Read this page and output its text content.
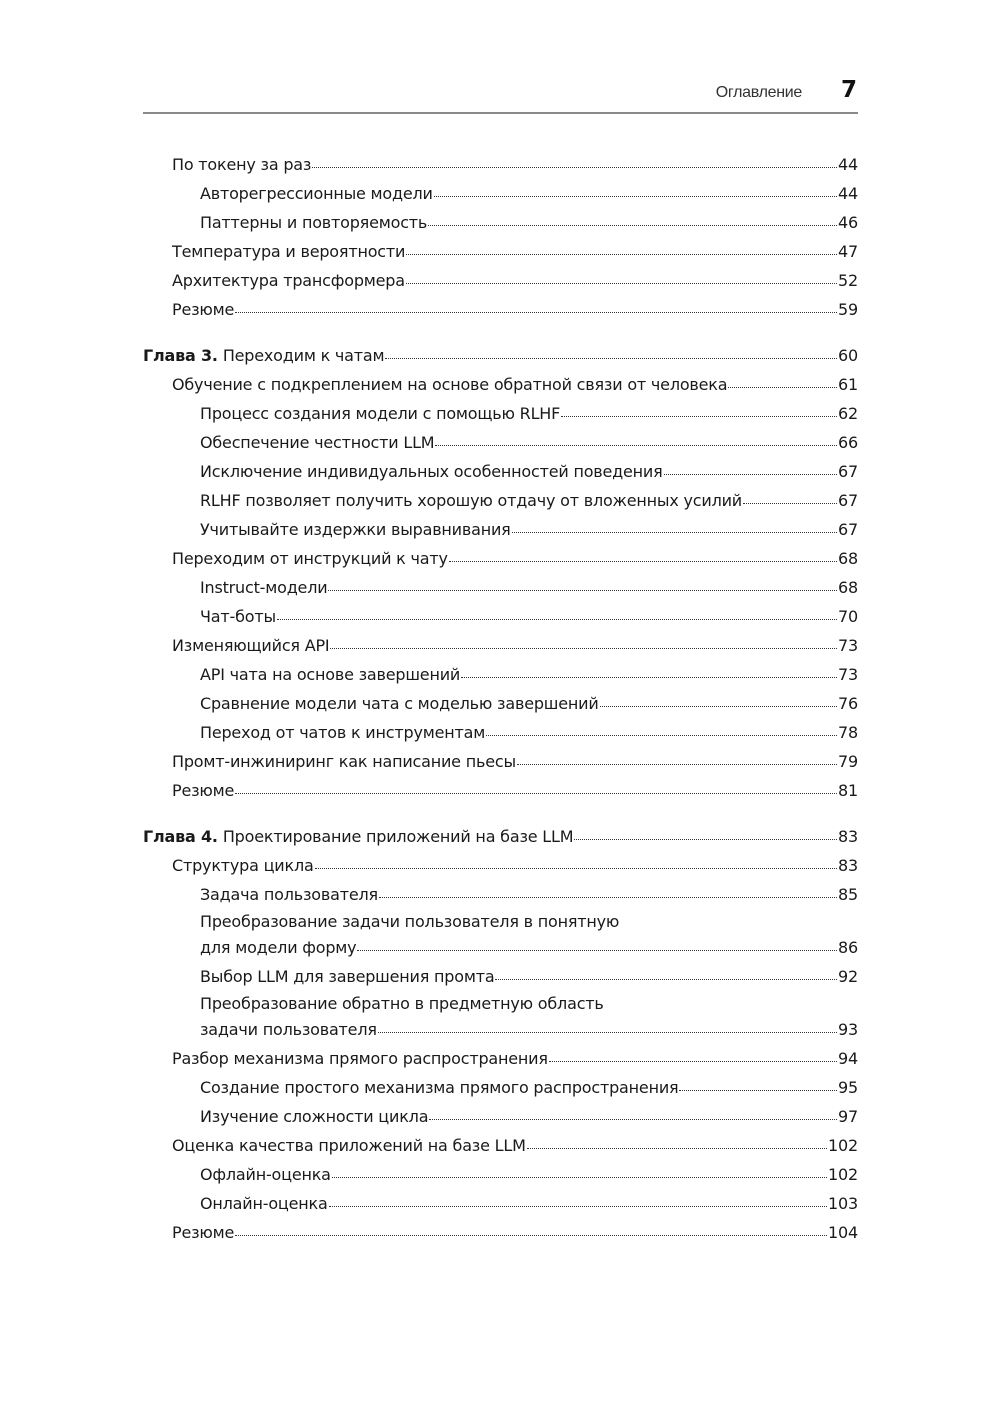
Оглавление 7
По токену за раз	44
Авторегрессионные модели	44
Паттерны и повторяемость	46
Температура и вероятности	47
Архитектура трансформера	52
Резюме	59
Глава 3. Переходим к чатам	60
Обучение с подкреплением на основе обратной связи от человека	61
Процесс создания модели с помощью RLHF	62
Обеспечение честности LLM	66
Исключение индивидуальных особенностей поведения	67
RLHF позволяет получить хорошую отдачу от вложенных усилий	67
Учитывайте издержки выравнивания	67
Переходим от инструкций к чату	68
Instruct-модели	68
Чат-боты	70
Изменяющийся API	73
API чата на основе завершений	73
Сравнение модели чата с моделью завершений	76
Переход от чатов к инструментам	78
Промт-инжиниринг как написание пьесы	79
Резюме	81
Глава 4. Проектирование приложений на базе LLM	83
Структура цикла	83
Задача пользователя	85
Преобразование задачи пользователя в понятную
для модели форму	86
Выбор LLM для завершения промта	92
Преобразование обратно в предметную область
задачи пользователя	93
Разбор механизма прямого распространения	94
Создание простого механизма прямого распространения	95
Изучение сложности цикла	97
Оценка качества приложений на базе LLM	102
Офлайн-оценка	102
Онлайн-оценка	103
Резюме	104
